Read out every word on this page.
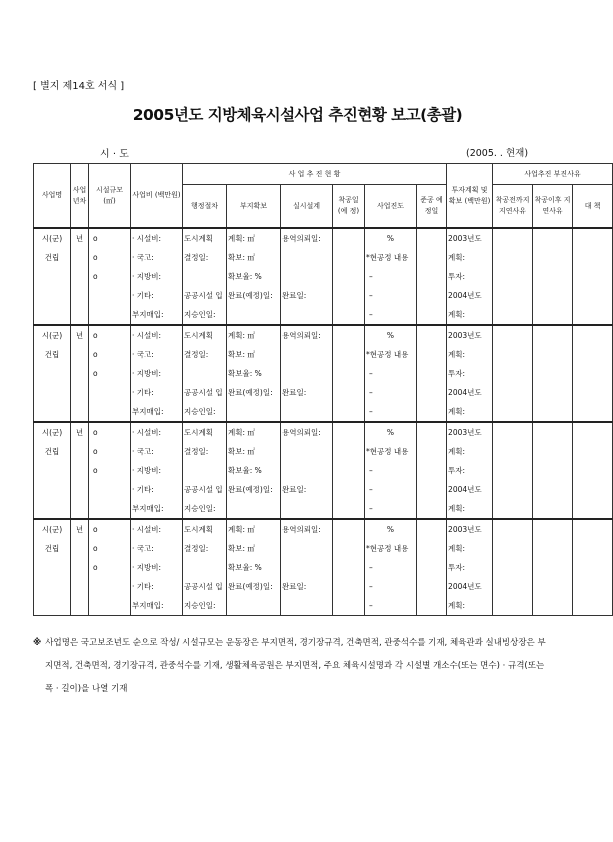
[ 별지 제14호 서식 ]
2005년도 지방체육시설사업 추진현황 보고(총괄)
시 · 도	(2005. . 현재)
사업명	사업 년차	시설규모 (㎡)	사업비 (백만원)	사 업 추 진 현 황						투자계획 및 확보 (백만원)	사업추진 부진사유		
				행정절차	부지확보	실시설계	착공일 (예 정)	사업진도	준공 예정일		착공전까지 지연사유	착공이후 지연사유	대 책
시(군)	년	o	· 시설비:	도시계획	계획: ㎡	용역의뢰일:		%		2003년도			
건립		o	· 국고:	결정일:	확보: ㎡			*현공정 내용		계획:			
		o	· 지방비:		확보율: %			–		투자:			
			· 기타:	공공시설 입	완료(예정)일:	완료일:		–		2004년도			
			부지매입:	지승인일:				–		계획:			
시(군)	년	o	· 시설비:	도시계획	계획: ㎡	용역의뢰일:		%		2003년도			
건립		o	· 국고:	결정일:	확보: ㎡			*현공정 내용		계획:			
		o	· 지방비:		확보율: %			–		투자:			
			· 기타:	공공시설 입	완료(예정)일:	완료일:		–		2004년도			
			부지매입:	지승인일:				–		계획:			
시(군)	년	o	· 시설비:	도시계획	계획: ㎡	용역의뢰일:		%		2003년도			
건립		o	· 국고:	결정일:	확보: ㎡			*현공정 내용		계획:			
		o	· 지방비:		확보율: %			–		투자:			
			· 기타:	공공시설 입	완료(예정)일:	완료일:		–		2004년도			
			부지매입:	지승인일:				–		계획:			
시(군)	년	o	· 시설비:	도시계획	계획: ㎡	용역의뢰일:		%		2003년도			
건립		o	· 국고:	결정일:	확보: ㎡			*현공정 내용		계획:			
		o	· 지방비:		확보율: %			–		투자:			
			· 기타:	공공시설 입	완료(예정)일:	완료일:		–		2004년도			
			부지매입:	지승인일:				–		계획:			
※ 사업명은 국고보조년도 순으로 작성/ 시설규모는 운동장은 부지면적, 경기장규격, 건축면적, 관중석수를 기재, 체육관과 실내빙상장은 부
지면적, 건축면적, 경기장규격, 관중석수를 기재, 생활체육공원은 부지면적, 주요 체육시설명과 각 시설별 개소수(또는 면수) · 규격(또는
폭 · 길이)을 나열 기재
